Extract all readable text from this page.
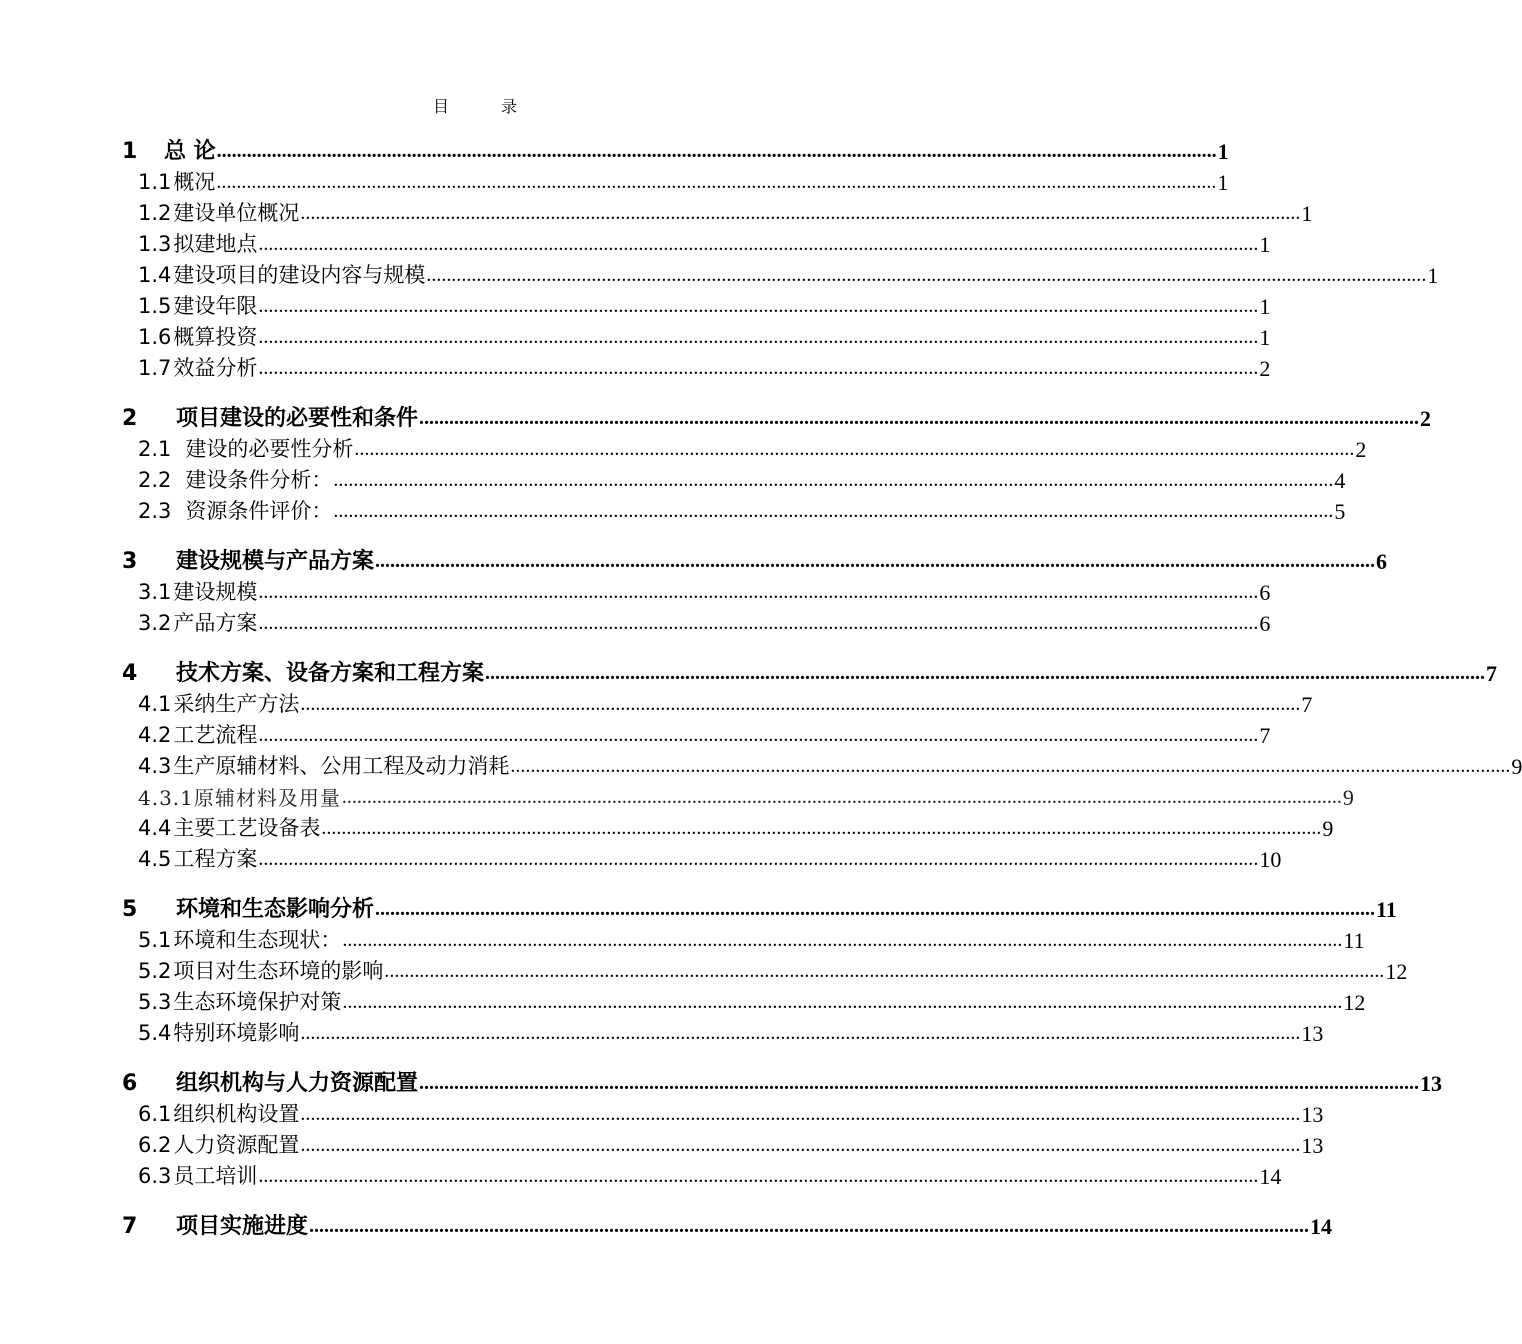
目　录
1 总 论 ........................................................................................................................................................................................................ 1
1.1概况 ........................................................................................................................................................................................................ 1
1.2建设单位概况 ........................................................................................................................................................................................................ 1
1.3拟建地点 ........................................................................................................................................................................................................ 1
1.4建设项目的建设内容与规模 ........................................................................................................................................................................................................ 1
1.5建设年限 ........................................................................................................................................................................................................ 1
1.6概算投资 ........................................................................................................................................................................................................ 1
1.7效益分析 ........................................................................................................................................................................................................ 2
2 项目建设的必要性和条件 ........................................................................................................................................................................................................ 2
2.1 建设的必要性分析 ........................................................................................................................................................................................................ 2
2.2 建设条件分析： ........................................................................................................................................................................................................ 4
2.3 资源条件评价： ........................................................................................................................................................................................................ 5
3 建设规模与产品方案 ........................................................................................................................................................................................................ 6
3.1建设规模 ........................................................................................................................................................................................................ 6
3.2产品方案 ........................................................................................................................................................................................................ 6
4 技术方案、设备方案和工程方案 ........................................................................................................................................................................................................ 7
4.1采纳生产方法 ........................................................................................................................................................................................................ 7
4.2工艺流程 ........................................................................................................................................................................................................ 7
4.3生产原辅材料、公用工程及动力消耗 ........................................................................................................................................................................................................ 9
4.3.1原辅材料及用量 ........................................................................................................................................................................................................ 9
4.4主要工艺设备表 ........................................................................................................................................................................................................ 9
4.5工程方案 ........................................................................................................................................................................................................ 10
5 环境和生态影响分析 ........................................................................................................................................................................................................ 11
5.1环境和生态现状： ........................................................................................................................................................................................................ 11
5.2项目对生态环境的影响 ........................................................................................................................................................................................................ 12
5.3生态环境保护对策 ........................................................................................................................................................................................................ 12
5.4特别环境影响 ........................................................................................................................................................................................................ 13
6 组织机构与人力资源配置 ........................................................................................................................................................................................................ 13
6.1组织机构设置 ........................................................................................................................................................................................................ 13
6.2人力资源配置 ........................................................................................................................................................................................................ 13
6.3员工培训 ........................................................................................................................................................................................................ 14
7 项目实施进度 ........................................................................................................................................................................................................ 14
